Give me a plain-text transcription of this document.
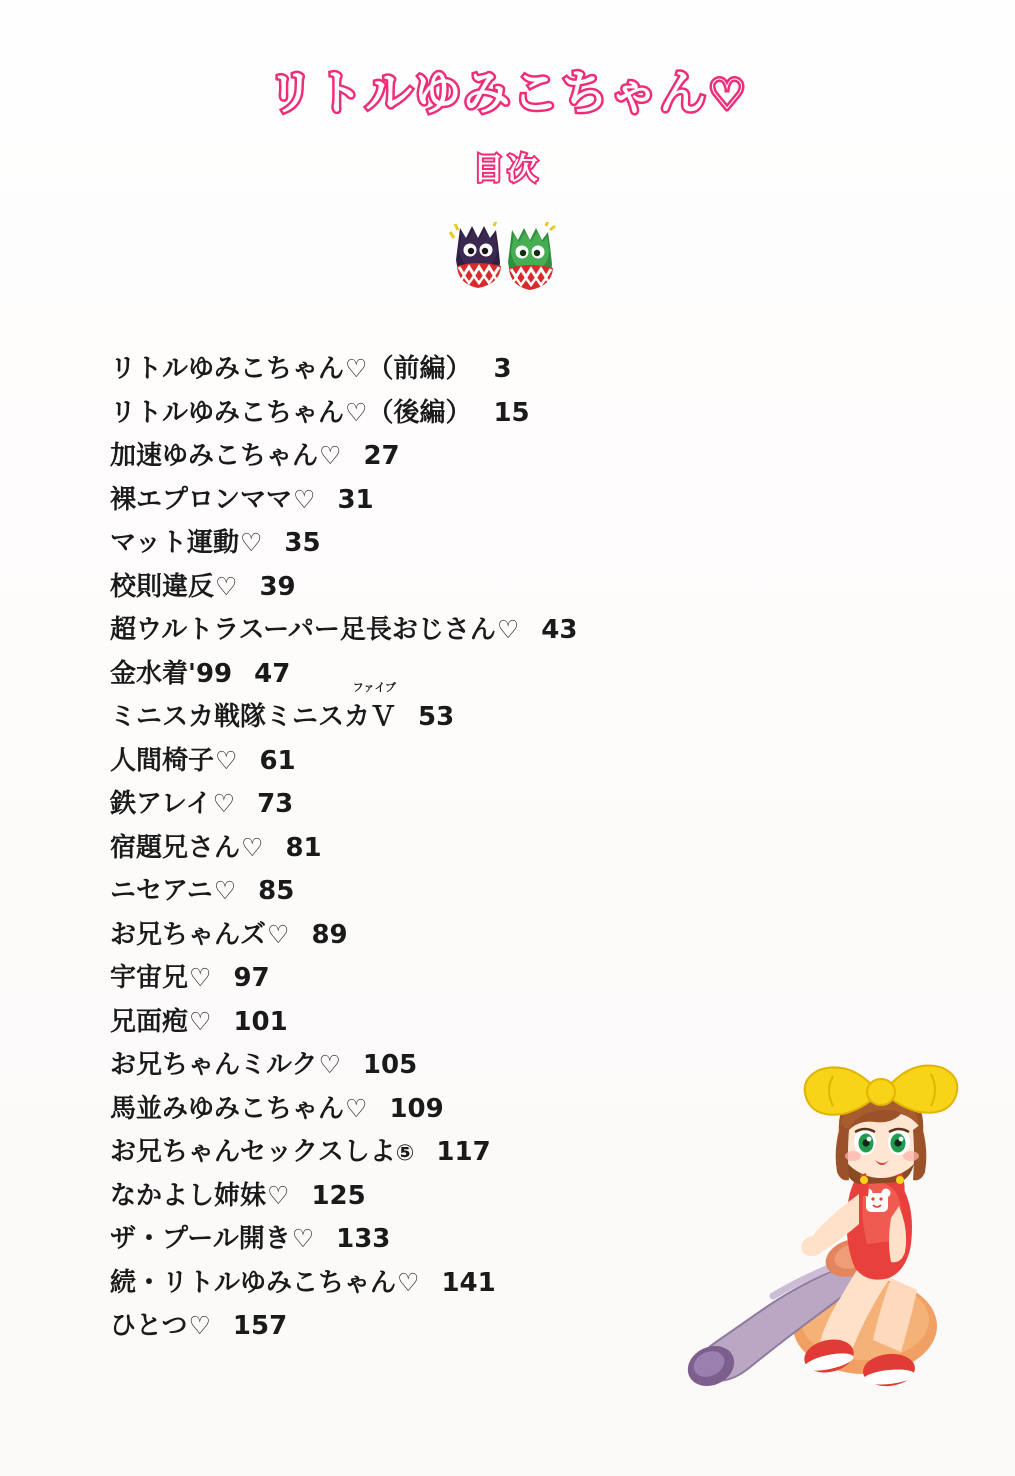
リトルゆみこちゃん♡
目次
リトルゆみこちゃん ♡ （前編） 3
リトルゆみこちゃん ♡ （後編） 15
加速ゆみこちゃん ♡ 27
裸エプロンママ ♡ 31
マット運動 ♡ 35
校則違反 ♡ 39
超ウルトラスーパー足長おじさん ♡ 43
金水着'99 47
ミニスカ戦隊ミニスカＶ
ファイブ
53
人間椅子 ♡ 61
鉄アレイ ♡ 73
宿題兄さん ♡ 81
ニセアニ ♡ 85
お兄ちゃんズ ♡ 89
宇宙兄 ♡ 97
兄面疱 ♡ 101
お兄ちゃんミルク ♡ 105
馬並みゆみこちゃん ♡ 109
お兄ちゃんセックスしよ ⑤ 117
なかよし姉妹 ♡ 125
ザ・プール開き ♡ 133
続・リトルゆみこちゃん ♡ 141
ひとつ ♡ 157
